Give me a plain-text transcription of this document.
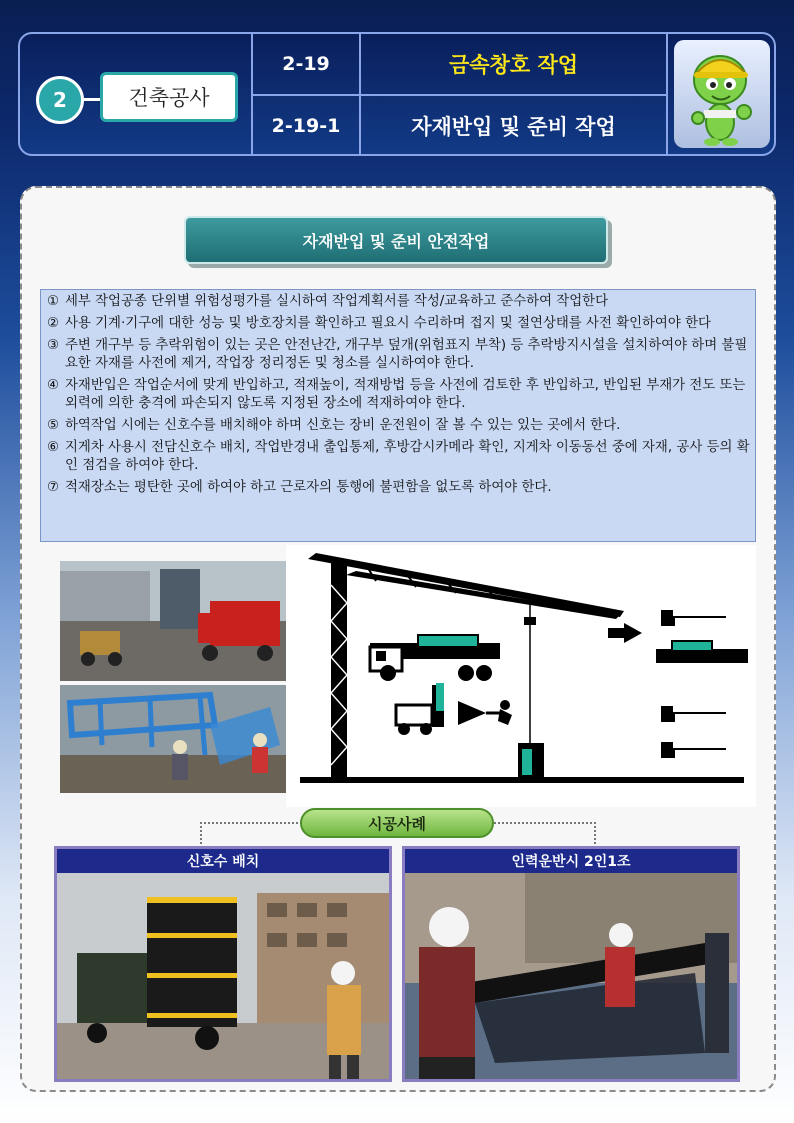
2	건축공사
2-19	금속창호 작업
2-19-1	자재반입 및 준비 작업
자재반입 및 준비 안전작업
① 세부 작업공종 단위별 위험성평가를 실시하여 작업계획서를 작성/교육하고 준수하여 작업한다
② 사용 기계·기구에 대한 성능 및 방호장치를 확인하고 필요시 수리하며 접지 및 절연상태를 사전 확인하여야 한다
③ 주변 개구부 등 추락위험이 있는 곳은 안전난간, 개구부 덮개(위험표지 부착) 등 추락방지시설을 설치하여야 하며 불필요한 자재를 사전에 제거, 작업장 정리정돈 및 청소를 실시하여야 한다.
④ 자재반입은 작업순서에 맞게 반입하고, 적재높이, 적재방법 등을 사전에 검토한 후 반입하고, 반입된 부재가 전도 또는 외력에 의한 충격에 파손되지 않도록 지정된 장소에 적재하여야 한다.
⑤ 하역작업 시에는 신호수를 배치해야 하며 신호는 장비 운전원이 잘 볼 수 있는 있는 곳에서 한다.
⑥ 지게차 사용시 전담신호수 배치, 작업반경내 출입통제, 후방감시카메라 확인, 지게차 이동동선 중에 자재, 공사 등의 확인 점검을 하여야 한다.
⑦ 적재장소는 평탄한 곳에 하여야 하고 근로자의 통행에 불편함을 없도록 하여야 한다.
시공사례
신호수 배치	인력운반시 2인1조
